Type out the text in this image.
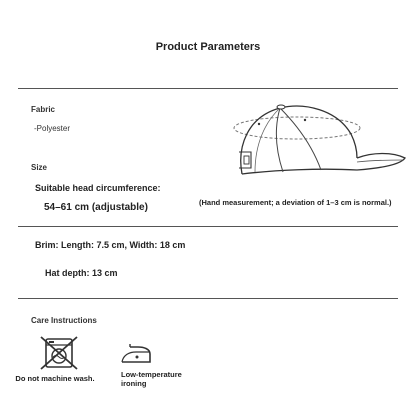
Product Parameters
Fabric
-Polyester
Size
Suitable head circumference:
54–61 cm (adjustable)	(Hand measurement; a deviation of 1–3 cm is normal.)
Brim: Length: 7.5 cm, Width: 18 cm
Hat depth: 13 cm
Care Instructions
Do not machine wash.	Low-temperature
ironing
